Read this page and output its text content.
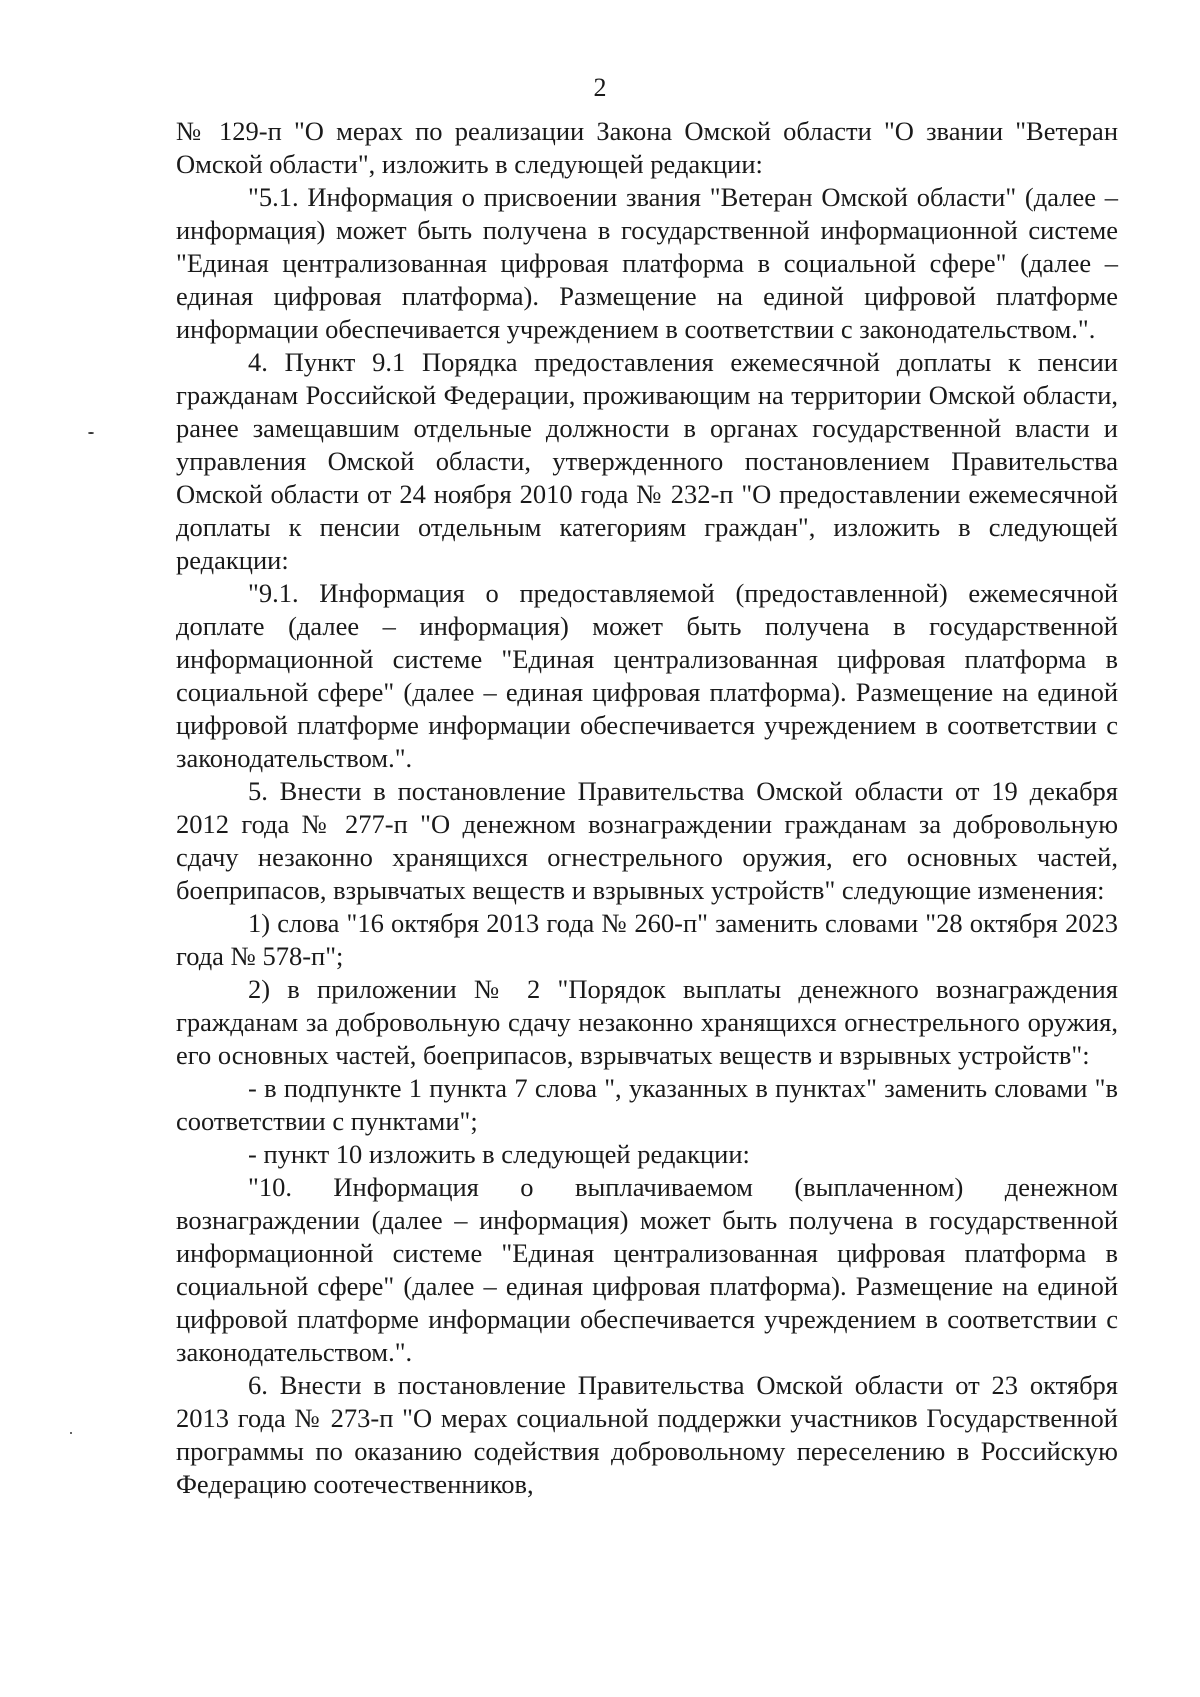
2

№ 129-п "О мерах по реализации Закона Омской области "О звании "Ветеран Омской области", изложить в следующей редакции:

"5.1. Информация о присвоении звания "Ветеран Омской области" (далее – информация) может быть получена в государственной информационной системе "Единая централизованная цифровая платформа в социальной сфере" (далее – единая цифровая платформа). Размещение на единой цифровой платформе информации обеспечивается учреждением в соответствии с законодательством.".

4. Пункт 9.1 Порядка предоставления ежемесячной доплаты к пенсии гражданам Российской Федерации, проживающим на территории Омской области, ранее замещавшим отдельные должности в органах государственной власти и управления Омской области, утвержденного постановлением Правительства Омской области от 24 ноября 2010 года № 232-п "О предоставлении ежемесячной доплаты к пенсии отдельным категориям граждан", изложить в следующей редакции:

"9.1. Информация о предоставляемой (предоставленной) ежемесячной доплате (далее – информация) может быть получена в государственной информационной системе "Единая централизованная цифровая платформа в социальной сфере" (далее – единая цифровая платформа). Размещение на единой цифровой платформе информации обеспечивается учреждением в соответствии с законодательством.".

5. Внести в постановление Правительства Омской области от 19 декабря 2012 года № 277-п "О денежном вознаграждении гражданам за добровольную сдачу незаконно хранящихся огнестрельного оружия, его основных частей, боеприпасов, взрывчатых веществ и взрывных устройств" следующие изменения:

1) слова "16 октября 2013 года № 260-п" заменить словами "28 октября 2023 года № 578-п";

2) в приложении № 2 "Порядок выплаты денежного вознаграждения гражданам за добровольную сдачу незаконно хранящихся огнестрельного оружия, его основных частей, боеприпасов, взрывчатых веществ и взрывных устройств":

- в подпункте 1 пункта 7 слова ", указанных в пунктах" заменить словами "в соответствии с пунктами";

- пункт 10 изложить в следующей редакции:

"10. Информация о выплачиваемом (выплаченном) денежном вознаграждении (далее – информация) может быть получена в государственной информационной системе "Единая централизованная цифровая платформа в социальной сфере" (далее – единая цифровая платформа). Размещение на единой цифровой платформе информации обеспечивается учреждением в соответствии с законодательством.".

6. Внести в постановление Правительства Омской области от 23 октября 2013 года № 273-п "О мерах социальной поддержки участников Государственной программы по оказанию содействия добровольному переселению в Российскую Федерацию соотечественников,
